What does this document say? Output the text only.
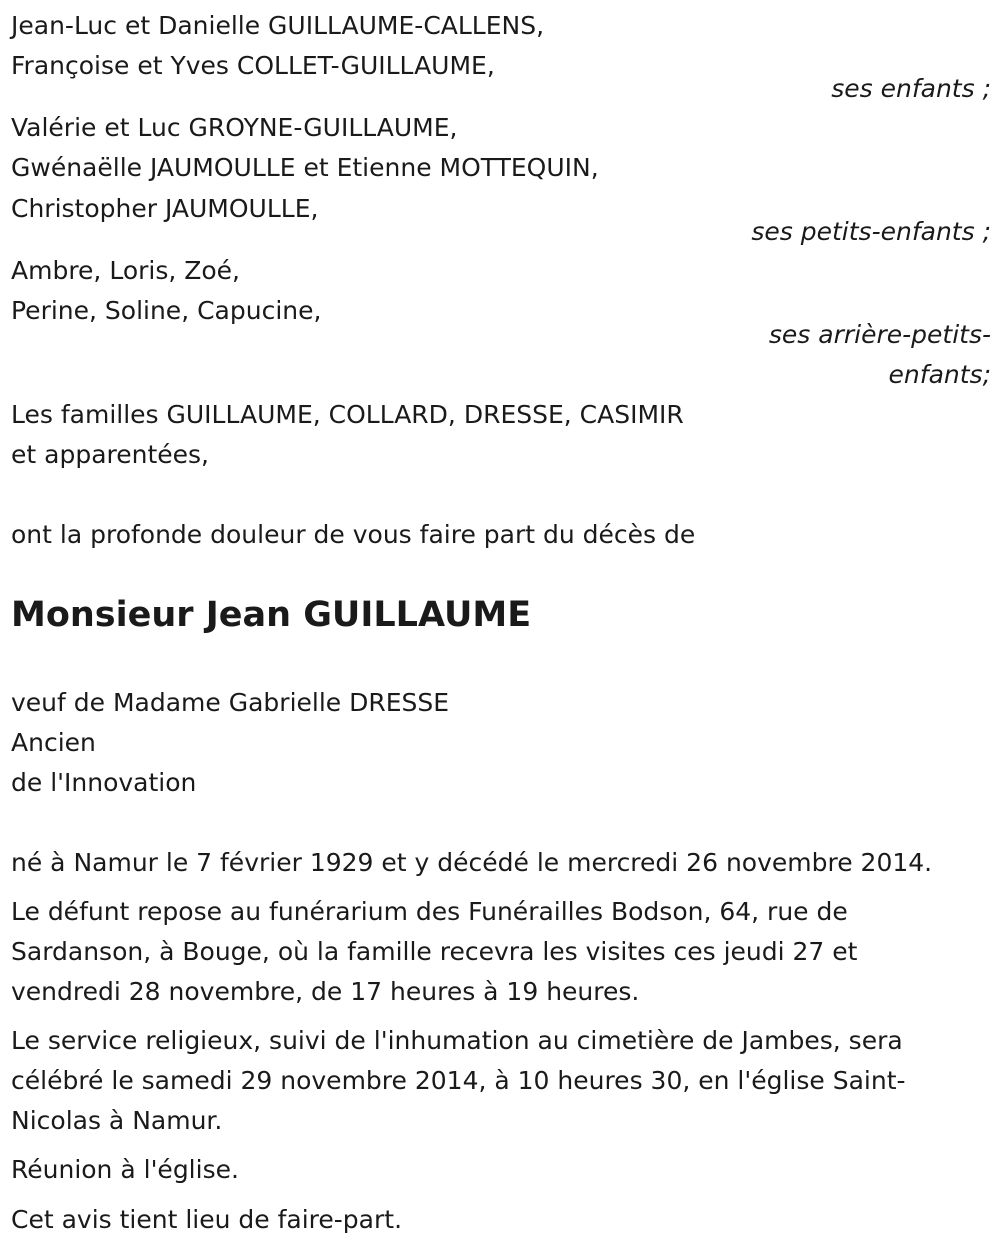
Jean-Luc et Danielle GUILLAUME-CALLENS,
Françoise et Yves COLLET-GUILLAUME,
ses enfants ;
Valérie et Luc GROYNE-GUILLAUME,
Gwénaëlle JAUMOULLE et Etienne MOTTEQUIN,
Christopher JAUMOULLE,
ses petits-enfants ;
Ambre, Loris, Zoé,
Perine, Soline, Capucine,
ses arrière-petits-
enfants;
Les familles GUILLAUME, COLLARD, DRESSE, CASIMIR
et apparentées,
ont la profonde douleur de vous faire part du décès de
Monsieur Jean GUILLAUME
veuf de Madame Gabrielle DRESSE
Ancien
de l'Innovation
né à Namur le 7 février 1929 et y décédé le mercredi 26 novembre 2014.
Le défunt repose au funérarium des Funérailles Bodson, 64, rue de
Sardanson, à Bouge, où la famille recevra les visites ces jeudi 27 et
vendredi 28 novembre, de 17 heures à 19 heures.
Le service religieux, suivi de l'inhumation au cimetière de Jambes, sera
célébré le samedi 29 novembre 2014, à 10 heures 30, en l'église Saint-
Nicolas à Namur.
Réunion à l'église.
Cet avis tient lieu de faire-part.
